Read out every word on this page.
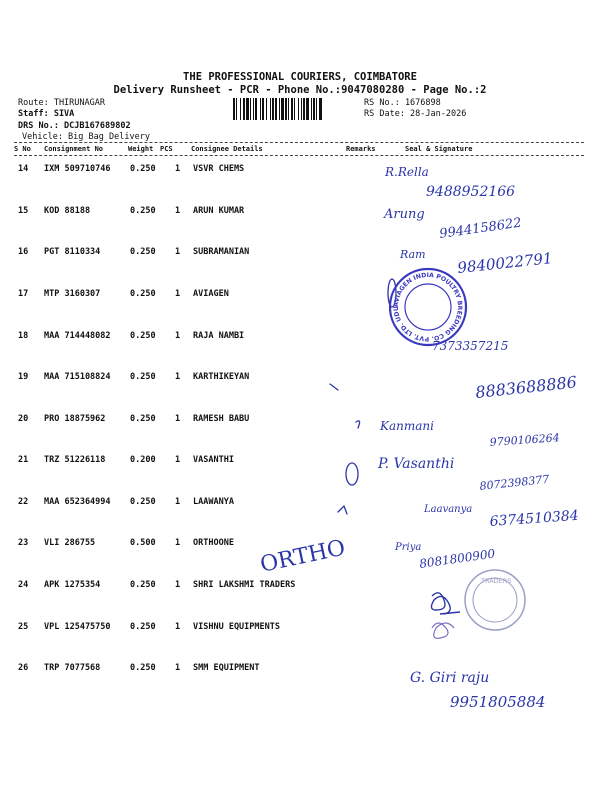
THE PROFESSIONAL COURIERS, COIMBATORE
Delivery Runsheet - PCR - Phone No.:9047080280 - Page No.:2
Route: THIRUNAGAR
Staff: SIVA
DRS No.: DCJB167689802
Vehicle: Big Bag Delivery
RS No.: 1676898
RS Date: 28-Jan-2026
S No Consignment No	Weight PCS	Consignee Details	Remarks	Seal & Signature
14 IXM 509710746 0.250 1 VSVR CHEMS
15 KOD 88188	0.250 1 ARUN KUMAR
16 PGT 8110334	0.250 1 SUBRAMANIAN
17 MTP 3160307	0.250 1 AVIAGEN
18 MAA 714448082 0.250 1 RAJA NAMBI
19 MAA 715108824 0.250 1 KARTHIKEYAN
20 PRO 18875962	0.250 1 RAMESH BABU
21 TRZ 51226118	0.200 1 VASANTHI
22 MAA 652364994 0.250 1 LAAWANYA
23 VLI 286755	0.500 1 ORTHOONE
24 APK 1275354	0.250 1 SHRI LAKSHMI TRADERS
25 VPL 125475750 0.250 1 VISHNU EQUIPMENTS
26 TRP 7077568	0.250 1 SMM EQUIPMENT
AVIAGEN INDIA POULTRY BREEDING CO. PVT. LTD. UDUMALPET
TRADERS
R.Rella
9488952166
Arung
9944158622
Ram 9840022791
7373357215
8883688886
Kanmani
9790106264
P. Vasanthi
8072398377
Laavanya 6374510384
Priya
8081800900
ORTHO
G. Giri raju
9951805884
